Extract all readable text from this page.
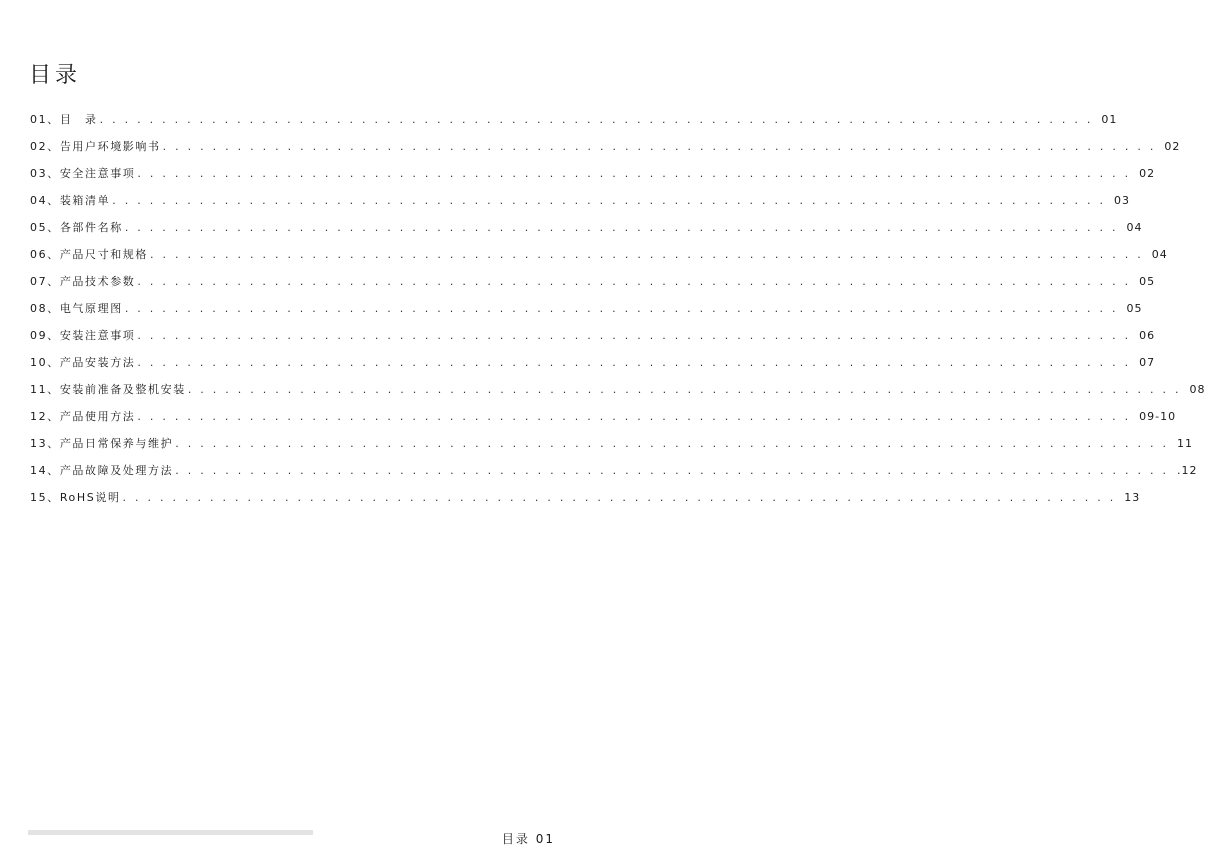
目录
01、 目　录 ................................................................................ 01
02、 告用户环境影响书 ................................................................................ 02
03、 安全注意事项 ................................................................................ 02
04、 装箱清单 ................................................................................ 03
05、 各部件名称 ................................................................................ 04
06、 产品尺寸和规格 ................................................................................ 04
07、 产品技术参数 ................................................................................ 05
08、 电气原理图 ................................................................................ 05
09、 安装注意事项 ................................................................................ 06
10、 产品安装方法 ................................................................................ 07
11、 安装前准备及整机安装 ................................................................................ 08
12、 产品使用方法 ................................................................................ 09-10
13、 产品日常保养与维护 ................................................................................ 11
14、 产品故障及处理方法 ................................................................................ .12
15、 RoHS说明 ................................................................................ 13
目录 01
